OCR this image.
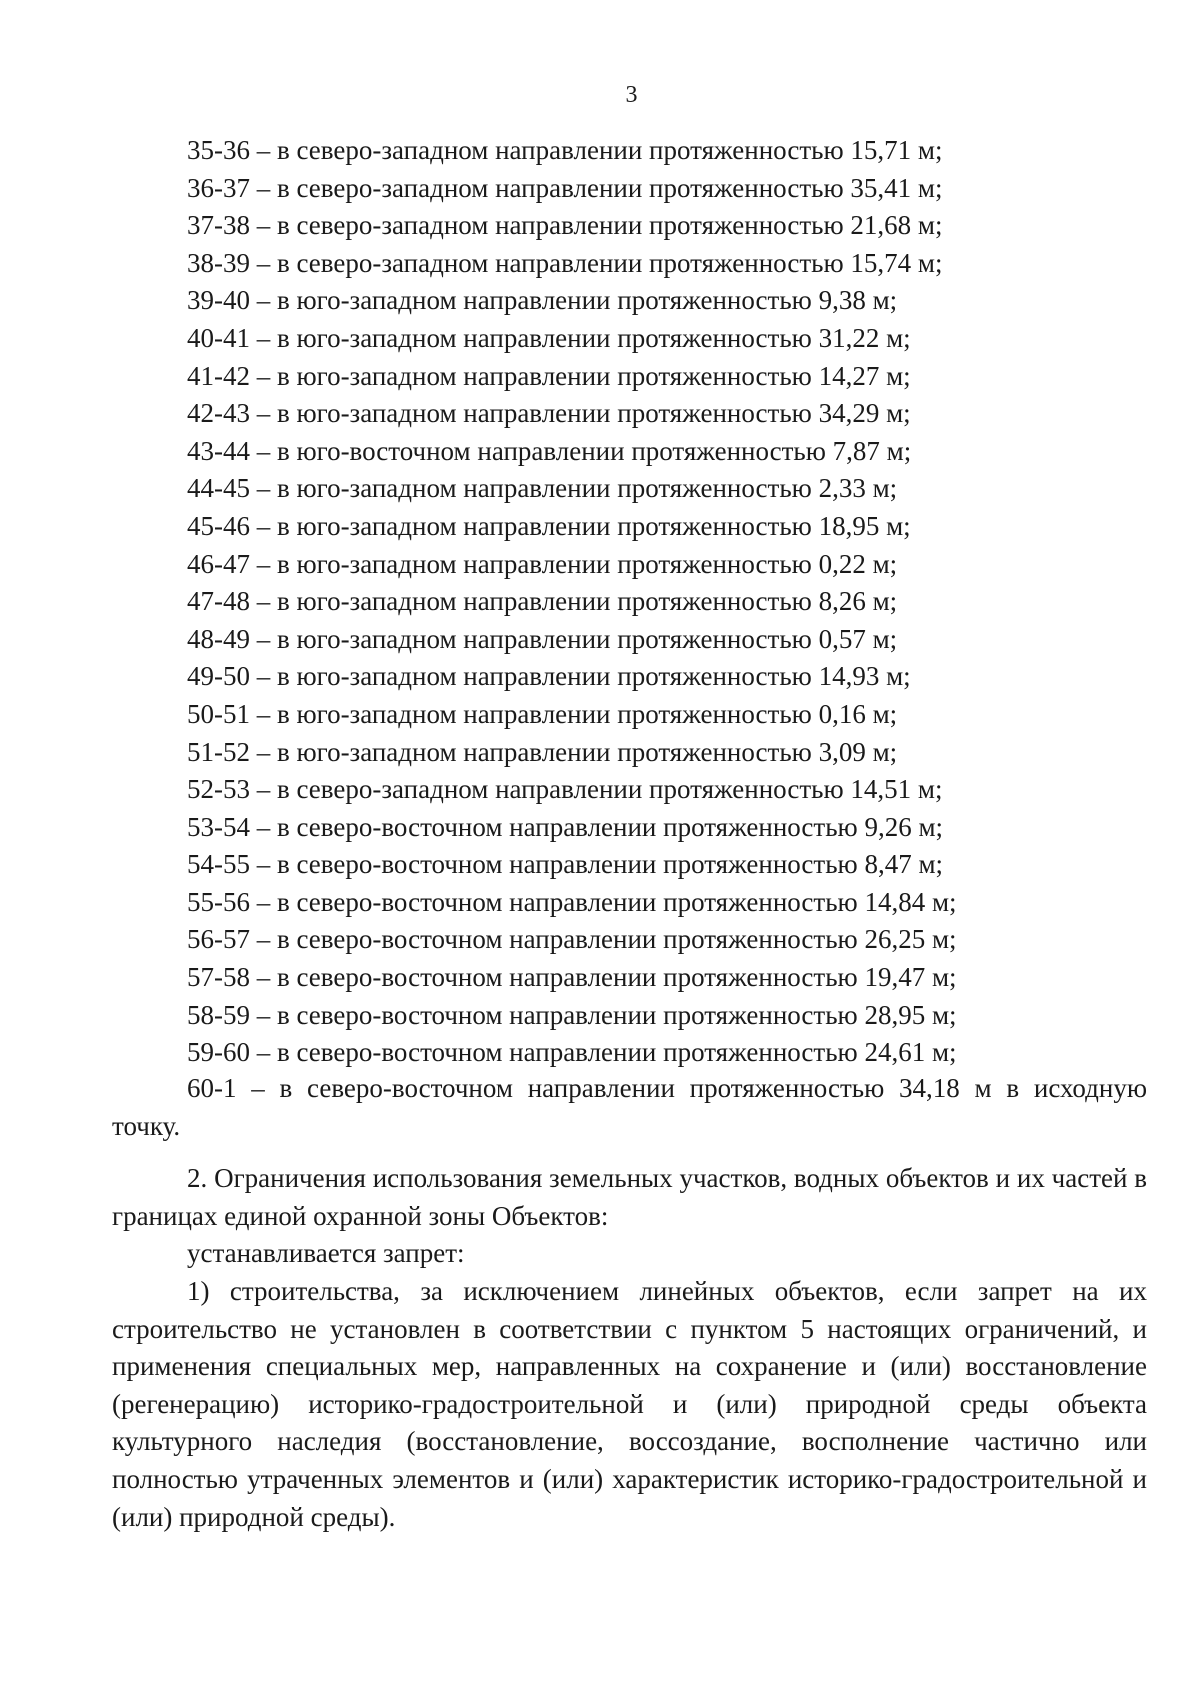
3
35-36 – в северо-западном направлении протяженностью 15,71 м;
36-37 – в северо-западном направлении протяженностью 35,41 м;
37-38 – в северо-западном направлении протяженностью 21,68 м;
38-39 – в северо-западном направлении протяженностью 15,74 м;
39-40 – в юго-западном направлении протяженностью 9,38 м;
40-41 – в юго-западном направлении протяженностью 31,22 м;
41-42 – в юго-западном направлении протяженностью 14,27 м;
42-43 – в юго-западном направлении протяженностью 34,29 м;
43-44 – в юго-восточном направлении протяженностью 7,87 м;
44-45 – в юго-западном направлении протяженностью 2,33 м;
45-46 – в юго-западном направлении протяженностью 18,95 м;
46-47 – в юго-западном направлении протяженностью 0,22 м;
47-48 – в юго-западном направлении протяженностью 8,26 м;
48-49 – в юго-западном направлении протяженностью 0,57 м;
49-50 – в юго-западном направлении протяженностью 14,93 м;
50-51 – в юго-западном направлении протяженностью 0,16 м;
51-52 – в юго-западном направлении протяженностью 3,09 м;
52-53 – в северо-западном направлении протяженностью 14,51 м;
53-54 – в северо-восточном направлении протяженностью 9,26 м;
54-55 – в северо-восточном направлении протяженностью 8,47 м;
55-56 – в северо-восточном направлении протяженностью 14,84 м;
56-57 – в северо-восточном направлении протяженностью 26,25 м;
57-58 – в северо-восточном направлении протяженностью 19,47 м;
58-59 – в северо-восточном направлении протяженностью 28,95 м;
59-60 – в северо-восточном направлении протяженностью 24,61 м;

60-1 – в северо-восточном направлении протяженностью 34,18 м в исходную точку.

2. Ограничения использования земельных участков, водных объектов и их частей в границах единой охранной зоны Объектов:

устанавливается запрет:

1) строительства, за исключением линейных объектов, если запрет на их строительство не установлен в соответствии с пунктом 5 настоящих ограничений, и применения специальных мер, направленных на сохранение и (или) восстановление (регенерацию) историко-градостроительной и (или) природной среды объекта культурного наследия (восстановление, воссоздание, восполнение частично или полностью утраченных элементов и (или) характеристик историко-градостроительной и (или) природной среды).
